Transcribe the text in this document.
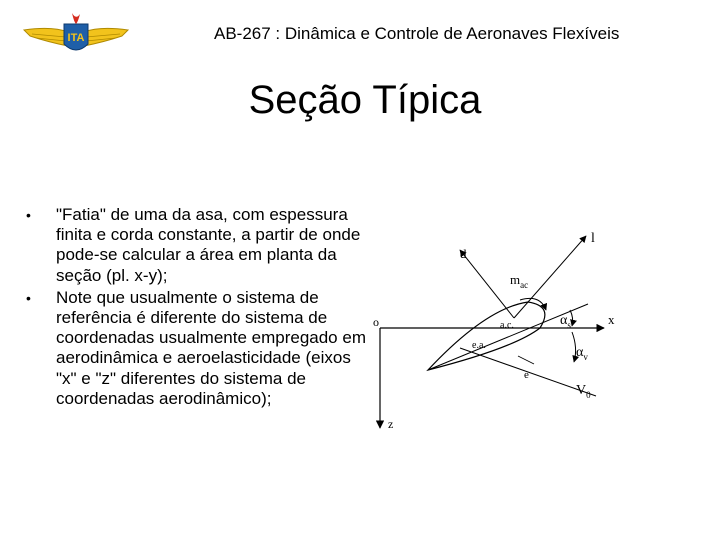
ITA	AB-267 : Dinâmica e Controle de Aeronaves Flexíveis
Seção Típica
• "Fatia" de uma da asa, com espessura finita e corda constante, a partir de onde pode-se calcular a área em planta da seção (pl. x-y);
• Note que usualmente o sistema de referência é diferente do sistema de coordenadas usualmente empregado em aerodinâmica e aeroelasticidade (eixos "x" e "z" diferentes do sistema de coordenadas aerodinâmico);
o	x
z
l
d
$m_{ac}$
a.c.
e.a.
e
$\alpha_s$
$\alpha_v$
$V_0$
